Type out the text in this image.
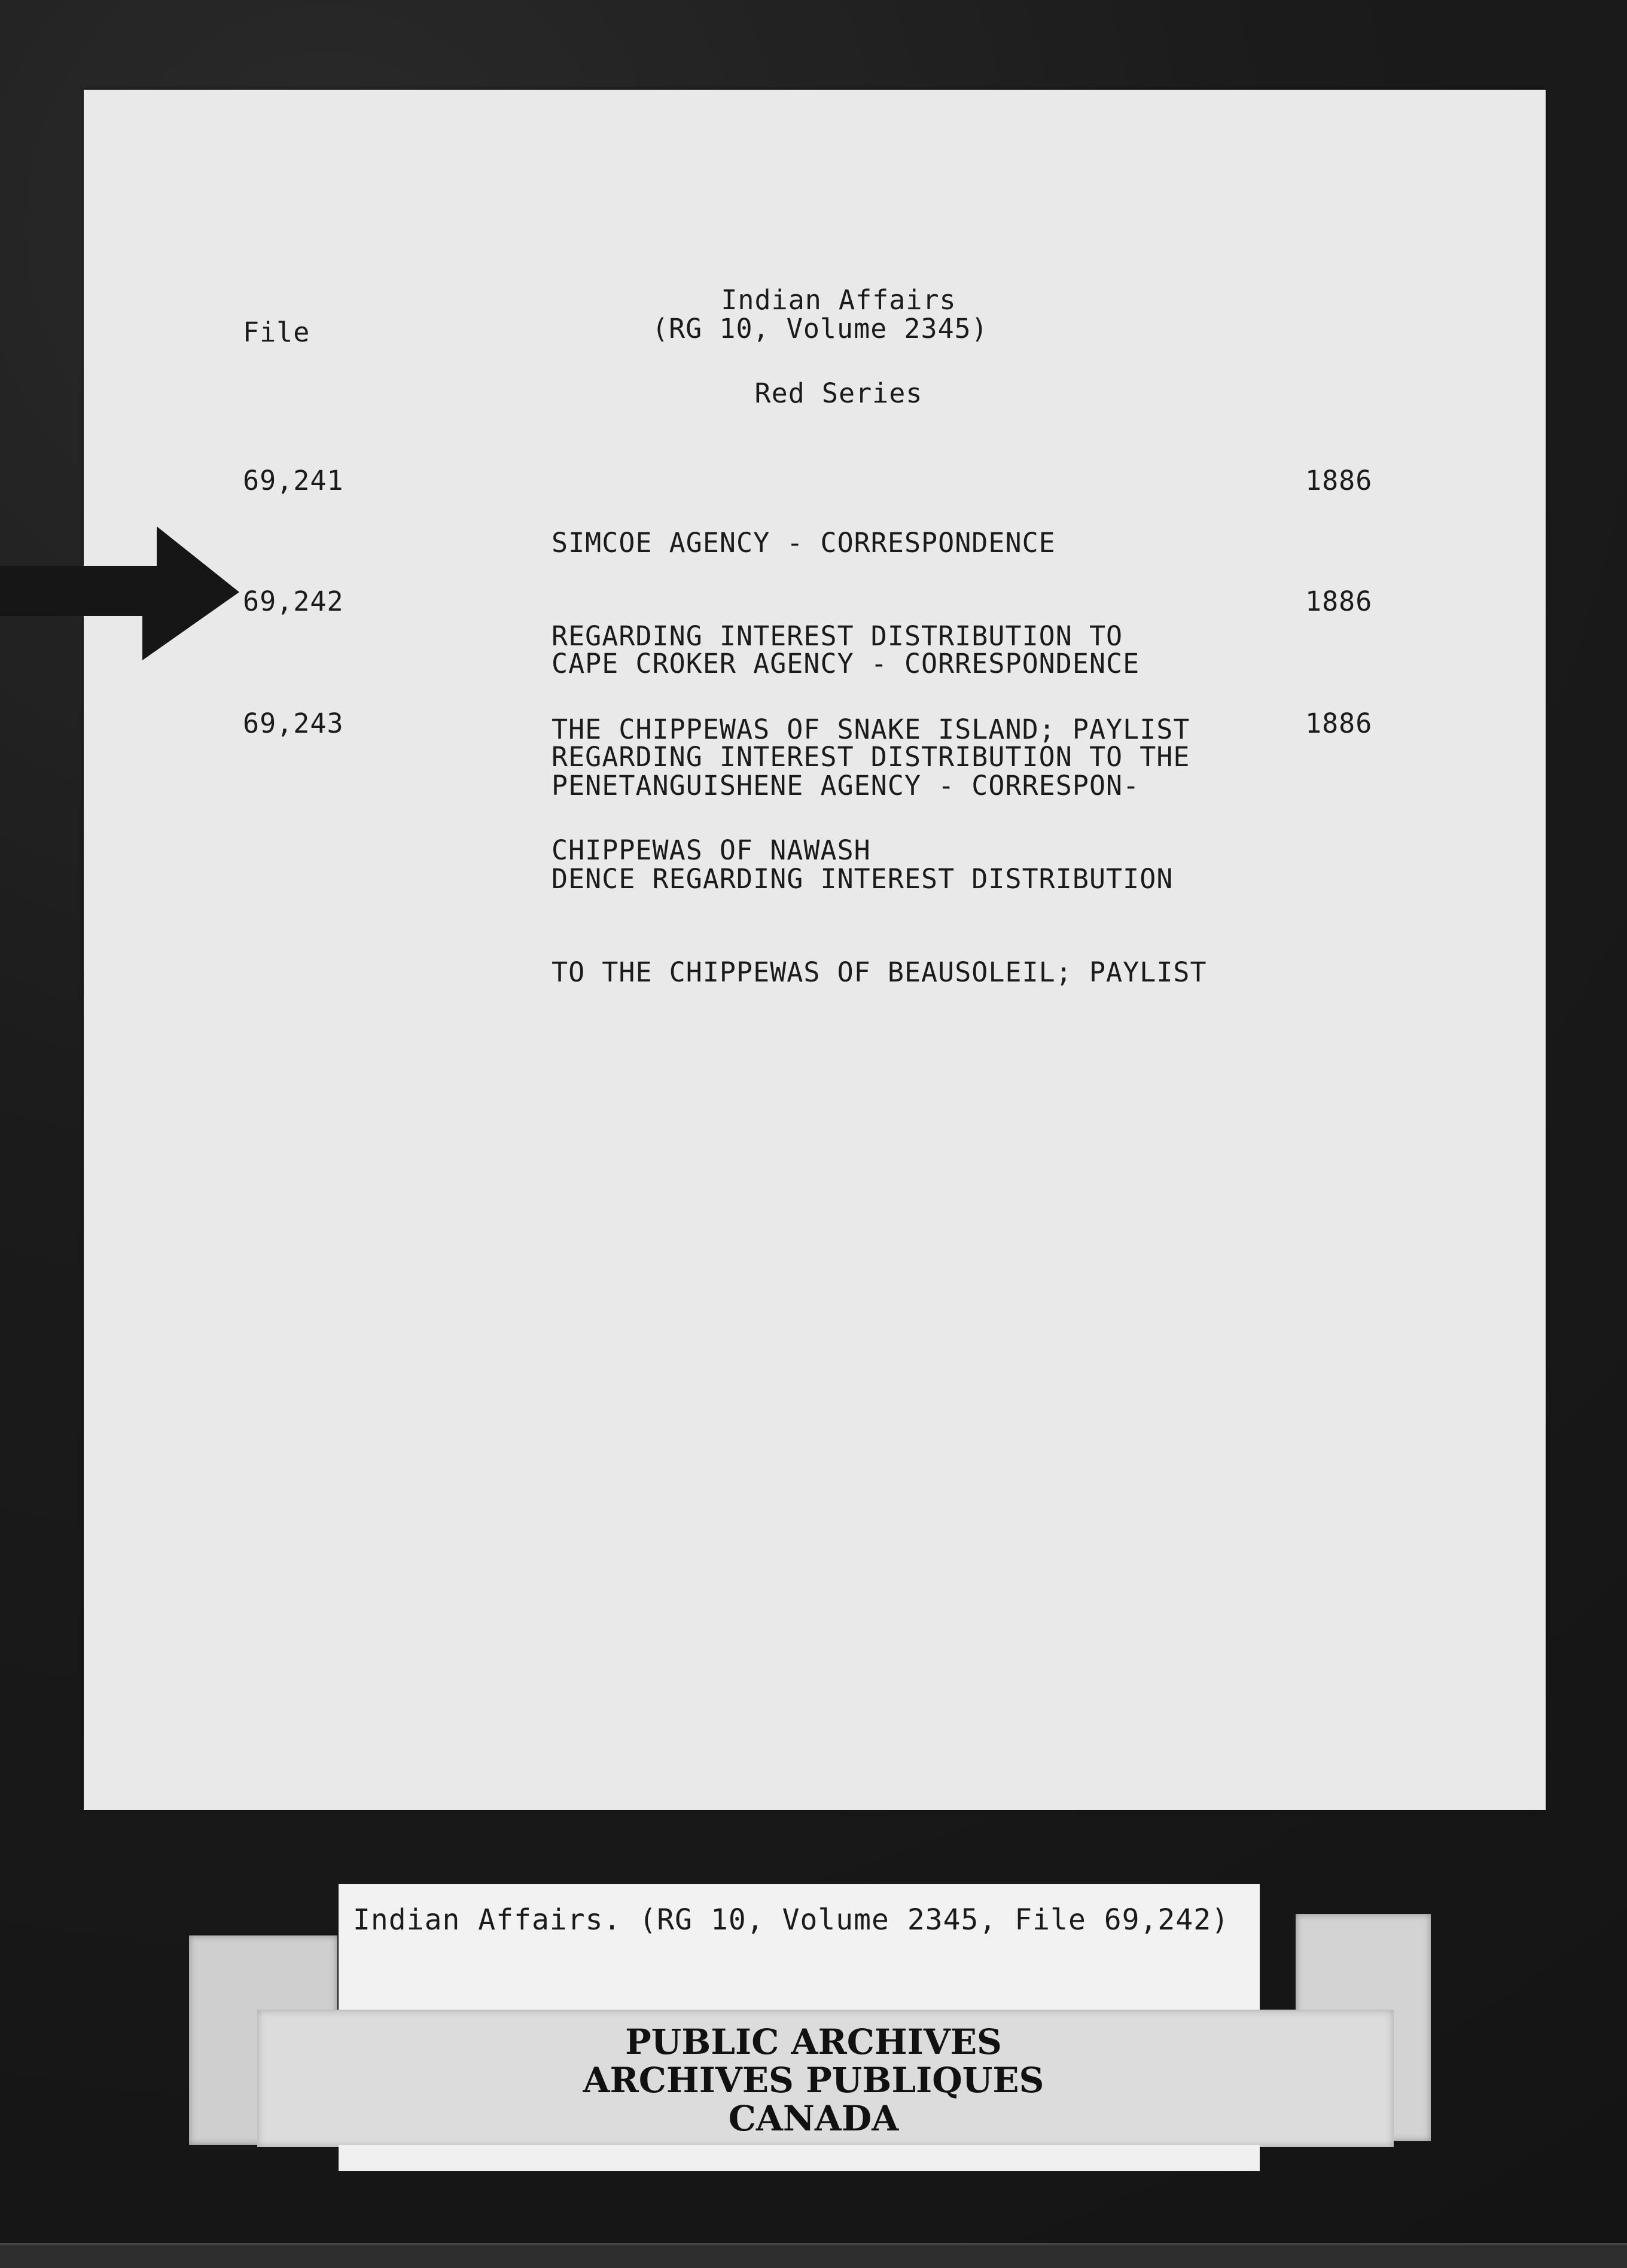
Indian Affairs

Red Series

File	(RG 10, Volume 2345)
69,241

SIMCOE AGENCY - CORRESPONDENCE

REGARDING INTEREST DISTRIBUTION TO

THE CHIPPEWAS OF SNAKE ISLAND; PAYLIST

1886
69,242

CAPE CROKER AGENCY - CORRESPONDENCE

REGARDING INTEREST DISTRIBUTION TO THE

CHIPPEWAS OF NAWASH

1886
69,243

PENETANGUISHENE AGENCY - CORRESPON-

DENCE REGARDING INTEREST DISTRIBUTION

TO THE CHIPPEWAS OF BEAUSOLEIL; PAYLIST

1886
Indian Affairs. (RG 10, Volume 2345, File 69,242)
PUBLIC ARCHIVES
ARCHIVES PUBLIQUES
CANADA
